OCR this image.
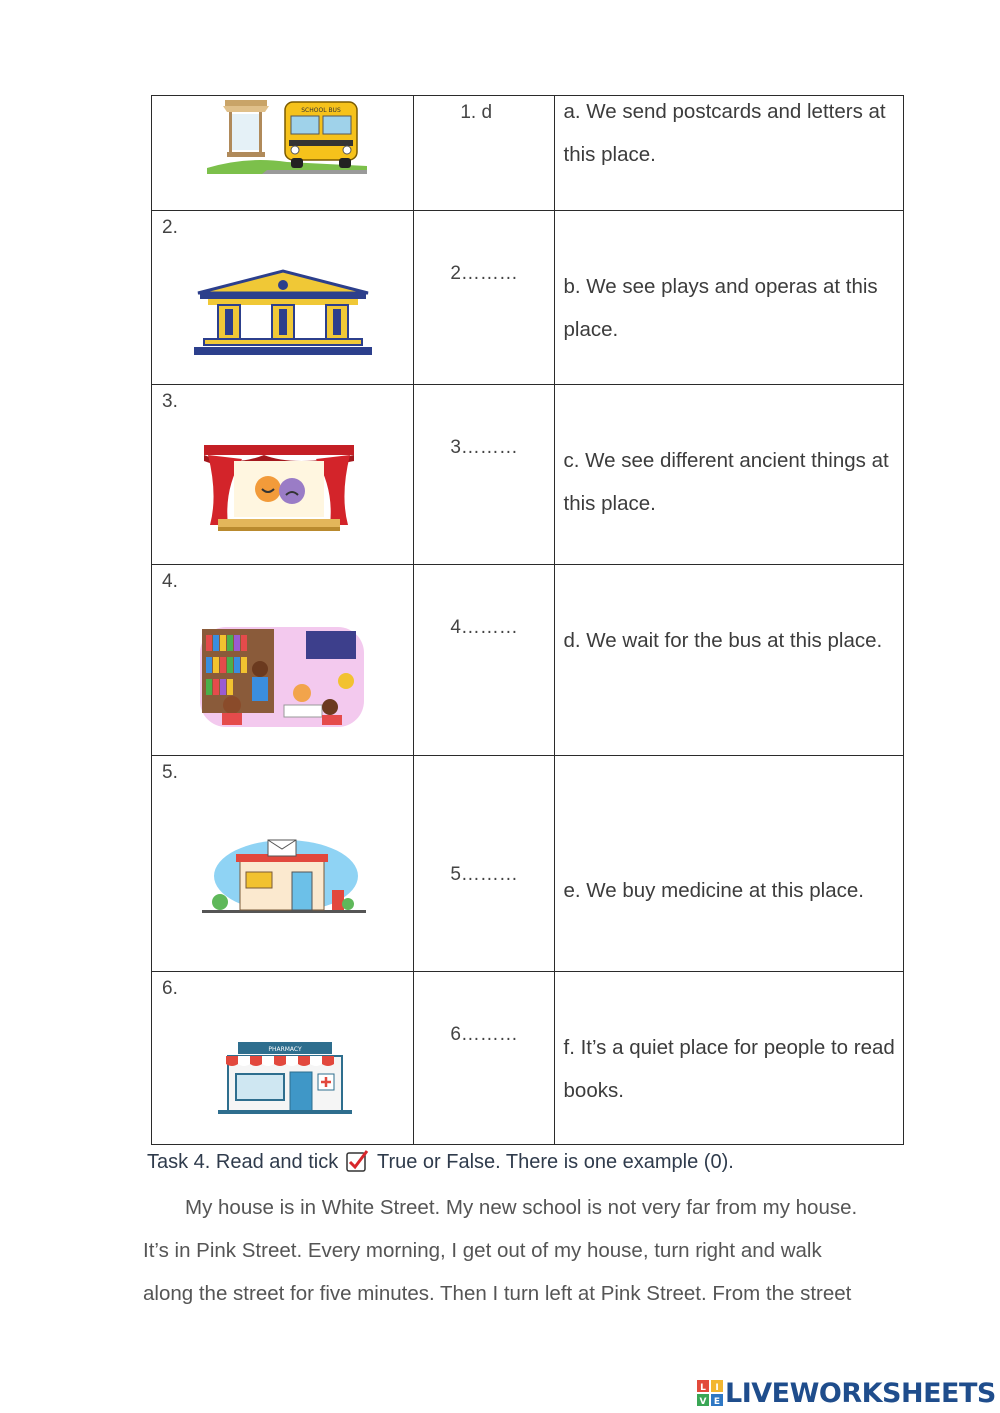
SCHOOL BUS	1. d	a. We send postcards and letters at this place.

2.	2………	b. We see plays and operas at this place.

3.	3………	c. We see different ancient things at this place.

4.	4………	d. We wait for the bus at this place.

5.	5………	e. We buy medicine at this place.

6.
PHARMACY	6………	f. It’s a quiet place for people to read books.
Task 4. Read and tick True or False. There is one example (0).

My house is in White Street. My new school is not very far from my house.

It’s in Pink Street. Every morning, I get out of my house, turn right and walk

along the street for five minutes. Then I turn left at Pink Street. From the street

L I
V E LIVEWORKSHEETS
